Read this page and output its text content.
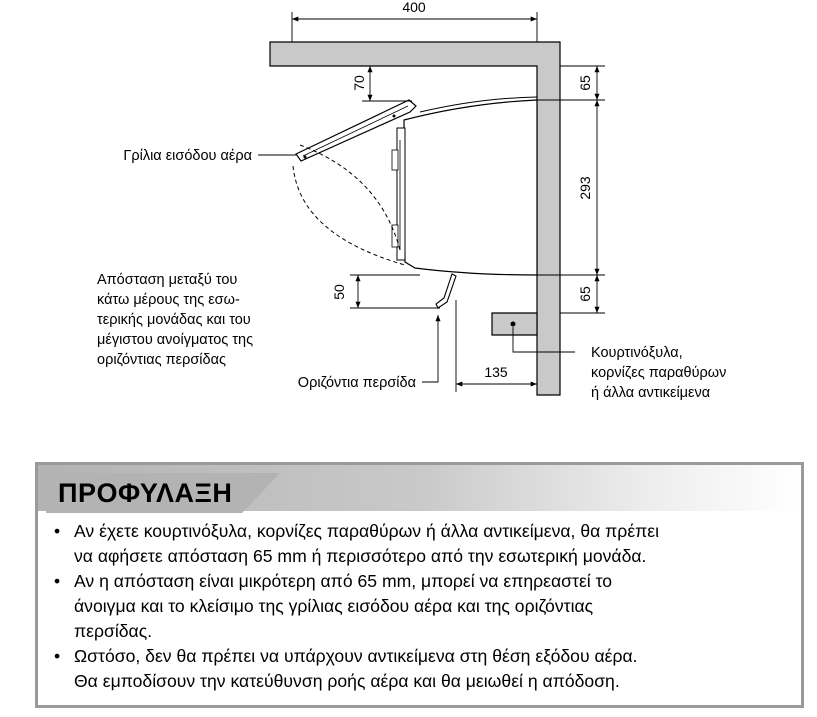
400
70	65
293
65
50
135
Γρίλια εισόδου αέρα
Απόσταση μεταξύ του κάτω μέρους της εσω- τερικής μονάδας και του μέγιστου ανοίγματος της οριζόντιας περσίδας
Οριζόντια περσίδα
Κουρτινόξυλα, κορνίζες παραθύρων ή άλλα αντικείμενα
ΠΡΟΦΥΛΑΞΗ
• Αν έχετε κουρτινόξυλα, κορνίζες παραθύρων ή άλλα αντικείμενα, θα πρέπει
να αφήσετε απόσταση 65 mm ή περισσότερο από την εσωτερική μονάδα.
• Αν η απόσταση είναι μικρότερη από 65 mm, μπορεί να επηρεαστεί το
άνοιγμα και το κλείσιμο της γρίλιας εισόδου αέρα και της οριζόντιας
περσίδας.
• Ωστόσο, δεν θα πρέπει να υπάρχουν αντικείμενα στη θέση εξόδου αέρα.
Θα εμποδίσουν την κατεύθυνση ροής αέρα και θα μειωθεί η απόδοση.
